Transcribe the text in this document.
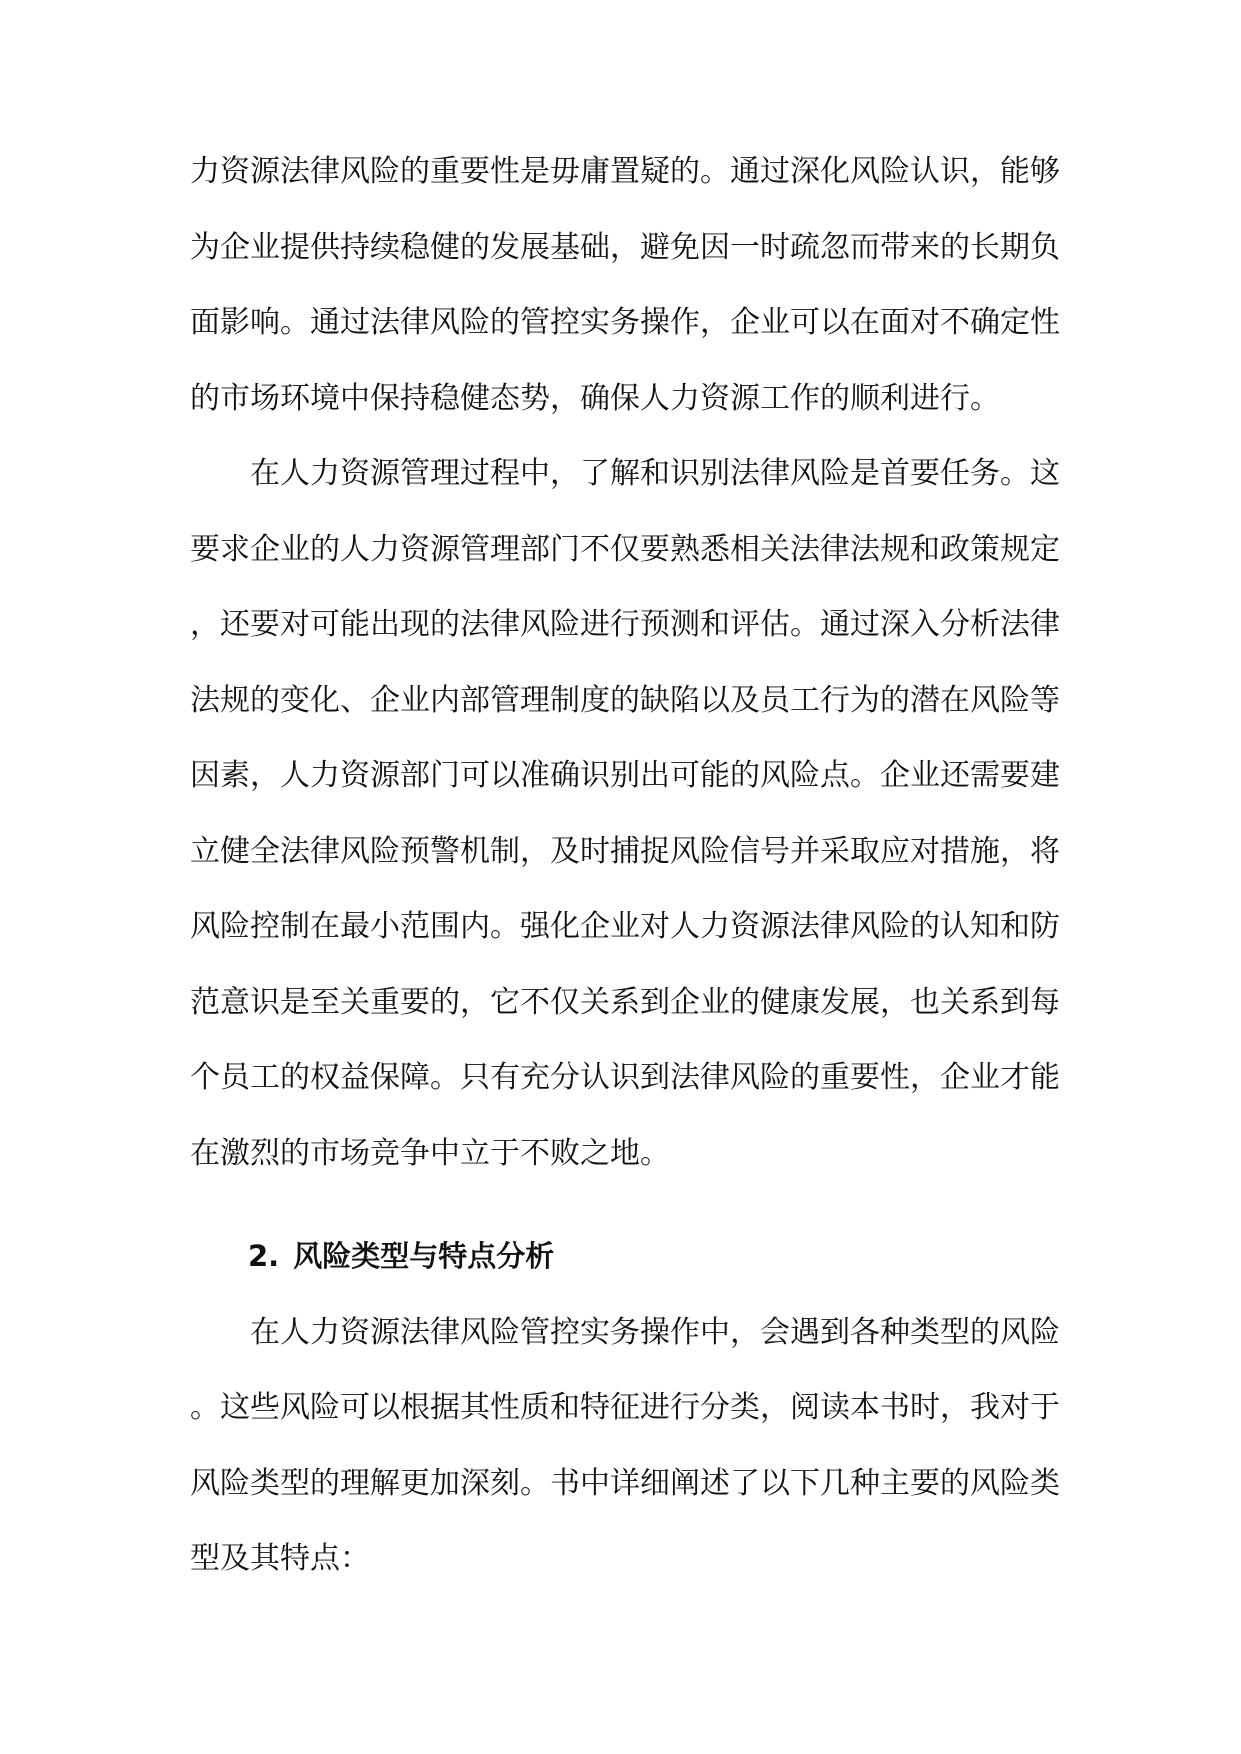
力资源法律风险的重要性是毋庸置疑的。通过深化风险认识，能够为企业提供持续稳健的发展基础，避免因一时疏忽而带来的长期负面影响。通过法律风险的管控实务操作，企业可以在面对不确定性的市场环境中保持稳健态势，确保人力资源工作的顺利进行。

在人力资源管理过程中，了解和识别法律风险是首要任务。这要求企业的人力资源管理部门不仅要熟悉相关法律法规和政策规定，还要对可能出现的法律风险进行预测和评估。通过深入分析法律法规的变化、企业内部管理制度的缺陷以及员工行为的潜在风险等因素，人力资源部门可以准确识别出可能的风险点。企业还需要建立健全法律风险预警机制，及时捕捉风险信号并采取应对措施，将风险控制在最小范围内。强化企业对人力资源法律风险的认知和防范意识是至关重要的，它不仅关系到企业的健康发展，也关系到每个员工的权益保障。只有充分认识到法律风险的重要性，企业才能在激烈的市场竞争中立于不败之地。

2. 风险类型与特点分析

在人力资源法律风险管控实务操作中，会遇到各种类型的风险。这些风险可以根据其性质和特征进行分类，阅读本书时，我对于风险类型的理解更加深刻。书中详细阐述了以下几种主要的风险类型及其特点：
